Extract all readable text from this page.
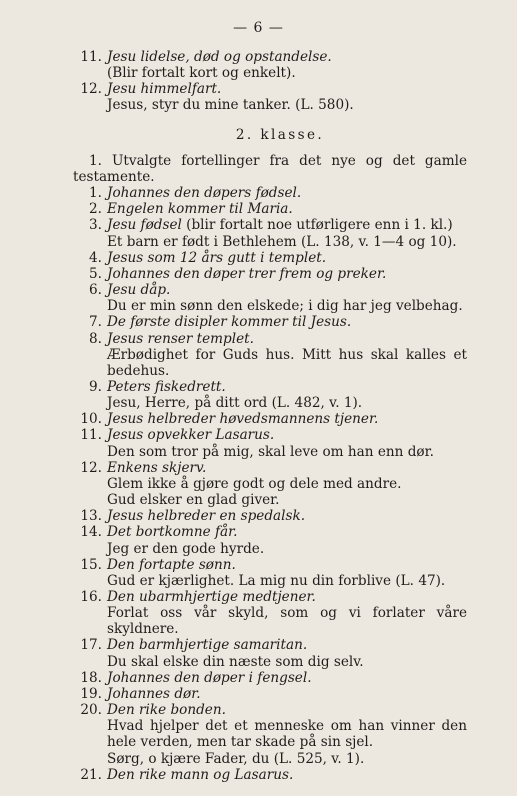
— 6 —
11. Jesu lidelse, død og opstandelse.
(Blir fortalt kort og enkelt).
12. Jesu himmelfart.
Jesus, styr du mine tanker. (L. 580).
2. klasse.
1. Utvalgte fortellinger fra det nye og det gamle testamente.
1. Johannes den døpers fødsel.
2. Engelen kommer til Maria.
3. Jesu fødsel (blir fortalt noe utførligere enn i 1. kl.)
Et barn er født i Bethlehem (L. 138, v. 1—4 og 10).
4. Jesus som 12 års gutt i templet.
5. Johannes den døper trer frem og preker.
6. Jesu dåp.
Du er min sønn den elskede; i dig har jeg velbehag.
7. De første disipler kommer til Jesus.
8. Jesus renser templet.
Ærbødighet for Guds hus. Mitt hus skal kalles et bedehus.
9. Peters fiskedrett.
Jesu, Herre, på ditt ord (L. 482, v. 1).
10. Jesus helbreder høvedsmannens tjener.
11. Jesus opvekker Lasarus.
Den som tror på mig, skal leve om han enn dør.
12. Enkens skjerv.
Glem ikke å gjøre godt og dele med andre.
Gud elsker en glad giver.
13. Jesus helbreder en spedalsk.
14. Det bortkomne får.
Jeg er den gode hyrde.
15. Den fortapte sønn.
Gud er kjærlighet. La mig nu din forblive (L. 47).
16. Den ubarmhjertige medtjener.
Forlat oss vår skyld, som og vi forlater våre skyldnere.
17. Den barmhjertige samaritan.
Du skal elske din næste som dig selv.
18. Johannes den døper i fengsel.
19. Johannes dør.
20. Den rike bonden.
Hvad hjelper det et menneske om han vinner den hele verden, men tar skade på sin sjel.
Sørg, o kjære Fader, du (L. 525, v. 1).
21. Den rike mann og Lasarus.
